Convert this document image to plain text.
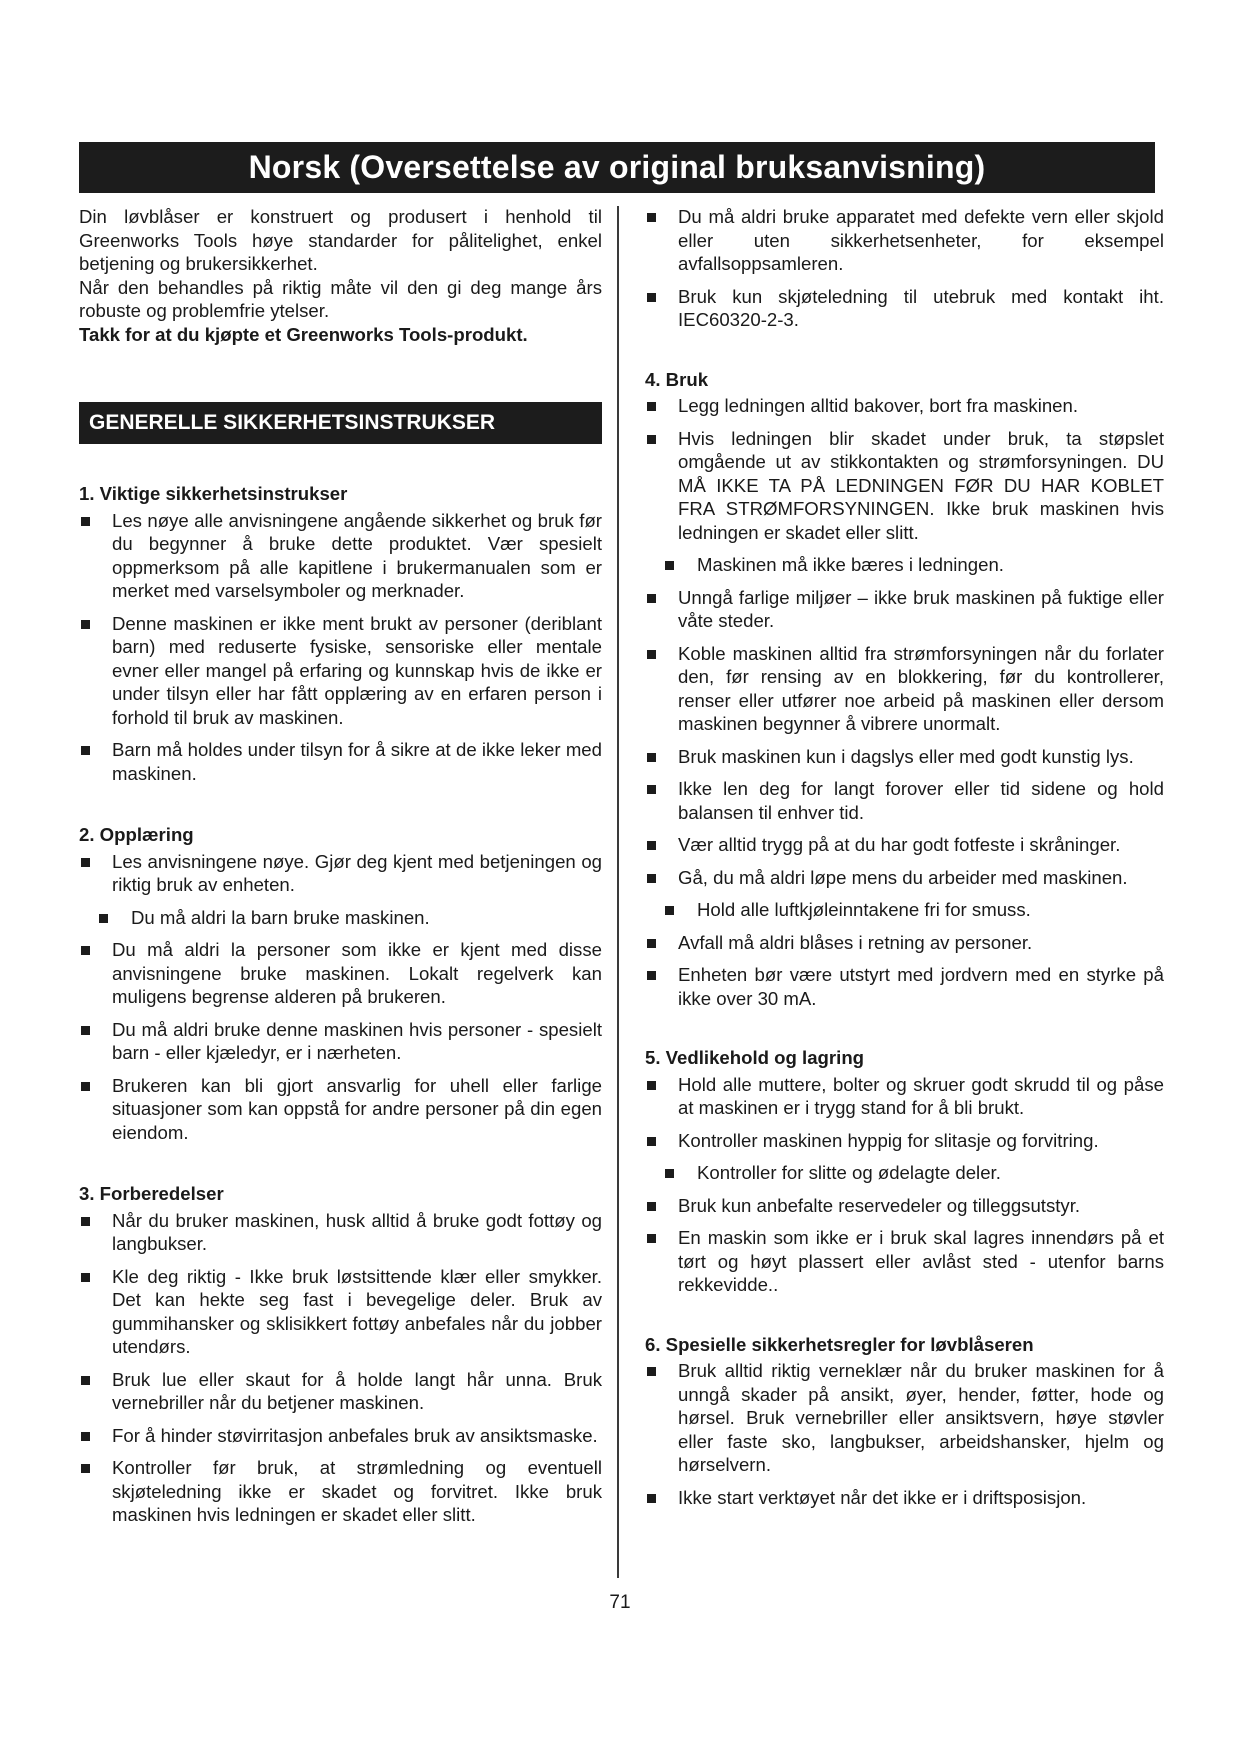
Norsk (Oversettelse av original bruksanvisning)

Din løvblåser er konstruert og produsert i henhold til Greenworks Tools høye standarder for pålitelighet, enkel betjening og brukersikkerhet.

Når den behandles på riktig måte vil den gi deg mange års robuste og problemfrie ytelser.

Takk for at du kjøpte et Greenworks Tools-produkt.

GENERELLE SIKKERHETSINSTRUKSER
1. Viktige sikkerhetsinstrukser
Les nøye alle anvisningene angående sikkerhet og bruk før du begynner å bruke dette produktet. Vær spesielt oppmerksom på alle kapitlene i brukermanualen som er merket med varselsymboler og merknader.
Denne maskinen er ikke ment brukt av personer (deriblant barn) med reduserte fysiske, sensoriske eller mentale evner eller mangel på erfaring og kunnskap hvis de ikke er under tilsyn eller har fått opplæring av en erfaren person i forhold til bruk av maskinen.
Barn må holdes under tilsyn for å sikre at de ikke leker med maskinen.
2. Opplæring
Les anvisningene nøye. Gjør deg kjent med betjeningen og riktig bruk av enheten.
Du må aldri la barn bruke maskinen.
Du må aldri la personer som ikke er kjent med disse anvisningene bruke maskinen. Lokalt regelverk kan muligens begrense alderen på brukeren.
Du må aldri bruke denne maskinen hvis personer - spesielt barn - eller kjæledyr, er i nærheten.
Brukeren kan bli gjort ansvarlig for uhell eller farlige situasjoner som kan oppstå for andre personer på din egen eiendom.
3. Forberedelser
Når du bruker maskinen, husk alltid å bruke godt fottøy og langbukser.
Kle deg riktig - Ikke bruk løstsittende klær eller smykker. Det kan hekte seg fast i bevegelige deler. Bruk av gummihansker og sklisikkert fottøy anbefales når du jobber utendørs.
Bruk lue eller skaut for å holde langt hår unna. Bruk vernebriller når du betjener maskinen.
For å hinder støvirritasjon anbefales bruk av ansiktsmaske.
Kontroller før bruk, at strømledning og eventuell skjøteledning ikke er skadet og forvitret. Ikke bruk maskinen hvis ledningen er skadet eller slitt.
Du må aldri bruke apparatet med defekte vern eller skjold eller uten sikkerhetsenheter, for eksempel avfallsoppsamleren.
Bruk kun skjøteledning til utebruk med kontakt iht. IEC60320-2-3.
4. Bruk
Legg ledningen alltid bakover, bort fra maskinen.
Hvis ledningen blir skadet under bruk, ta støpslet omgående ut av stikkontakten og strømforsyningen. DU MÅ IKKE TA PÅ LEDNINGEN FØR DU HAR KOBLET FRA STRØMFORSYNINGEN. Ikke bruk maskinen hvis ledningen er skadet eller slitt.
Maskinen må ikke bæres i ledningen.
Unngå farlige miljøer – ikke bruk maskinen på fuktige eller våte steder.
Koble maskinen alltid fra strømforsyningen når du forlater den, før rensing av en blokkering, før du kontrollerer, renser eller utfører noe arbeid på maskinen eller dersom maskinen begynner å vibrere unormalt.
Bruk maskinen kun i dagslys eller med godt kunstig lys.
Ikke len deg for langt forover eller tid sidene og hold balansen til enhver tid.
Vær alltid trygg på at du har godt fotfeste i skråninger.
Gå, du må aldri løpe mens du arbeider med maskinen.
Hold alle luftkjøleinntakene fri for smuss.
Avfall må aldri blåses i retning av personer.
Enheten bør være utstyrt med jordvern med en styrke på ikke over 30 mA.
5. Vedlikehold og lagring
Hold alle muttere, bolter og skruer godt skrudd til og påse at maskinen er i trygg stand for å bli brukt.
Kontroller maskinen hyppig for slitasje og forvitring.
Kontroller for slitte og ødelagte deler.
Bruk kun anbefalte reservedeler og tilleggsutstyr.
En maskin som ikke er i bruk skal lagres innendørs på et tørt og høyt plassert eller avlåst sted - utenfor barns rekkevidde..
6. Spesielle sikkerhetsregler for løvblåseren
Bruk alltid riktig verneklær når du bruker maskinen for å unngå skader på ansikt, øyer, hender, føtter, hode og hørsel. Bruk vernebriller eller ansiktsvern, høye støvler eller faste sko, langbukser, arbeidshansker, hjelm og hørselvern.
Ikke start verktøyet når det ikke er i driftsposisjon.
71
